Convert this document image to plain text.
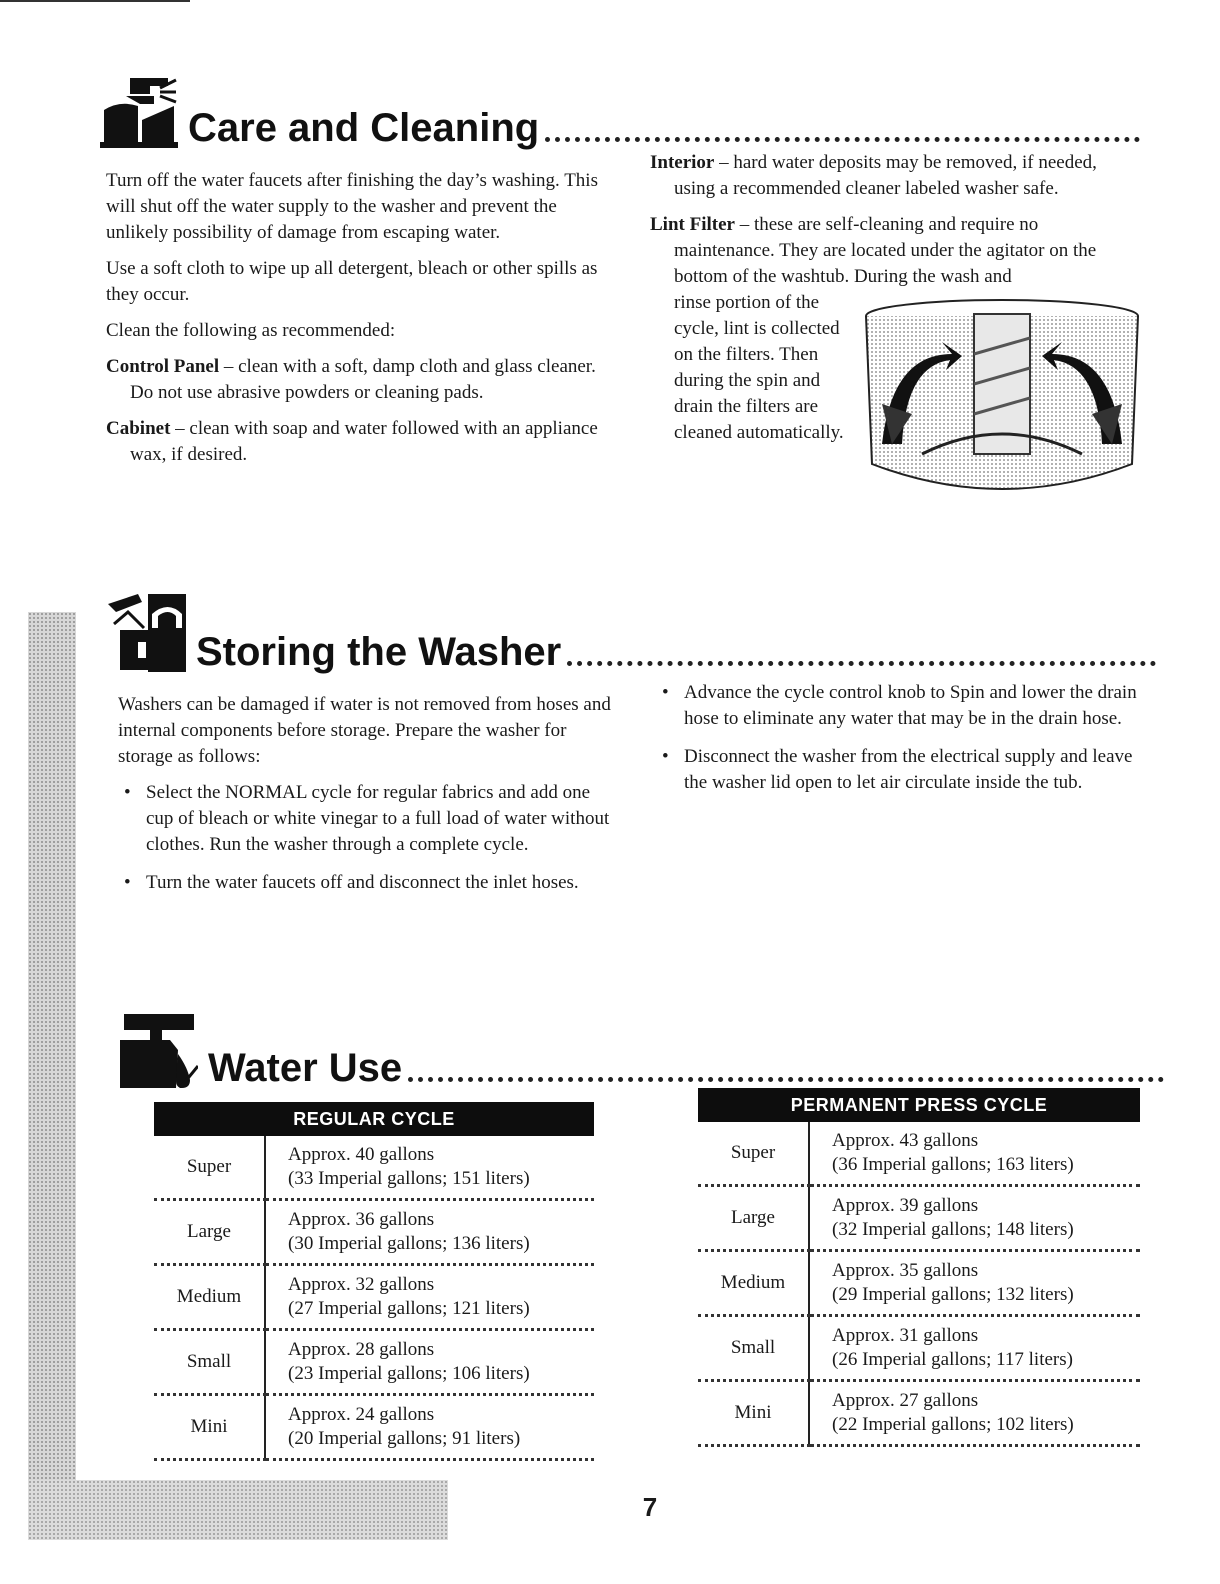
Care and Cleaning

Turn off the water faucets after finishing the day’s washing. This will shut off the water supply to the washer and prevent the unlikely possibility of damage from escaping water.

Use a soft cloth to wipe up all detergent, bleach or other spills as they occur.

Clean the following as recommended:

Control Panel – clean with a soft, damp cloth and glass cleaner. Do not use abrasive powders or cleaning pads.
Cabinet – clean with soap and water followed with an appliance wax, if desired.
Interior – hard water deposits may be removed, if needed, using a recommended cleaner labeled washer safe.
Lint Filter – these are self-cleaning and require no maintenance. They are located under the agitator on the bottom of the washtub. During the wash and
rinse portion of the cycle, lint is collected on the filters. Then during the spin and drain the filters are cleaned automatically.
Storing the Washer

Washers can be damaged if water is not removed from hoses and internal components before storage. Prepare the washer for storage as follows:

• Select the NORMAL cycle for regular fabrics and add one cup of bleach or white vinegar to a full load of water without clothes. Run the washer through a complete cycle.
• Turn the water faucets off and disconnect the inlet hoses.
• Advance the cycle control knob to Spin and lower the drain hose to eliminate any water that may be in the drain hose.
• Disconnect the washer from the electrical supply and leave the washer lid open to let air circulate inside the tub.
Water Use
REGULAR CYCLE
Super	Approx. 40 gallons
(33 Imperial gallons; 151 liters)

Large	Approx. 36 gallons
(30 Imperial gallons; 136 liters)

Medium	Approx. 32 gallons
(27 Imperial gallons; 121 liters)

Small	Approx. 28 gallons
(23 Imperial gallons; 106 liters)

Mini	Approx. 24 gallons
(20 Imperial gallons; 91 liters)
PERMANENT PRESS CYCLE
Super	Approx. 43 gallons
(36 Imperial gallons; 163 liters)

Large	Approx. 39 gallons
(32 Imperial gallons; 148 liters)

Medium	Approx. 35 gallons
(29 Imperial gallons; 132 liters)

Small	Approx. 31 gallons
(26 Imperial gallons; 117 liters)

Mini	Approx. 27 gallons
(22 Imperial gallons; 102 liters)
7
